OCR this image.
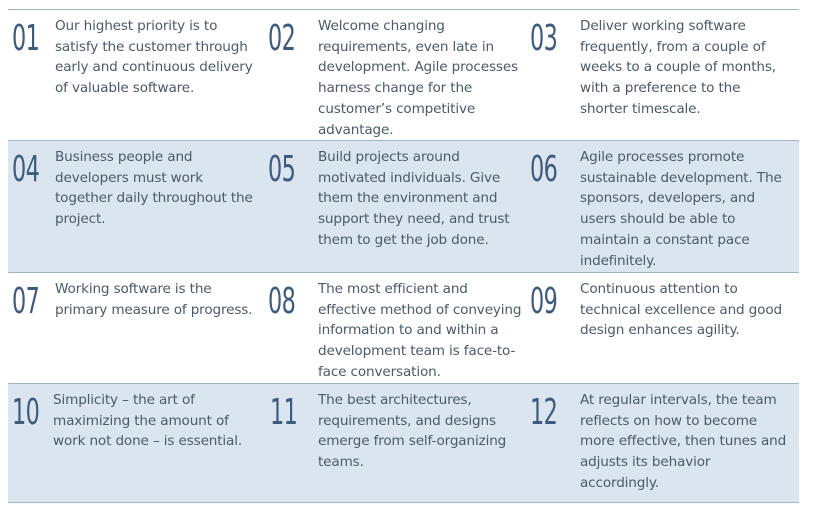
01 Our highest priority is to
satisfy the customer through
early and continuous delivery
of valuable software.
02 Welcome changing
requirements, even late in
development. Agile processes
harness change for the
customer’s competitive
advantage.
03 Deliver working software
frequently, from a couple of
weeks to a couple of months,
with a preference to the
shorter timescale.
04 Business people and
developers must work
together daily throughout the
project.
05 Build projects around
motivated individuals. Give
them the environment and
support they need, and trust
them to get the job done.
06 Agile processes promote
sustainable development. The
sponsors, developers, and
users should be able to
maintain a constant pace
indefinitely.
07 Working software is the
primary measure of progress. 08 The most efficient and
effective method of conveying
information to and within a
development team is face-to-
face conversation.
09 Continuous attention to
technical excellence and good
design enhances agility.
10 Simplicity – the art of
maximizing the amount of
work not done – is essential.
11 The best architectures,
requirements, and designs
emerge from self-organizing
teams.
12 At regular intervals, the team
reflects on how to become
more effective, then tunes and
adjusts its behavior
accordingly.
